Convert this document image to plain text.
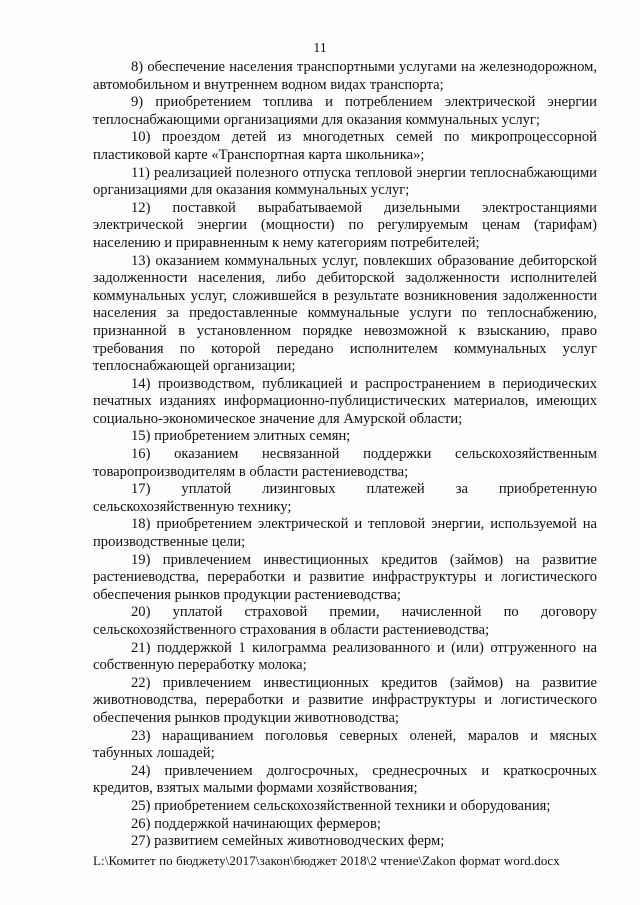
11

8) обеспечение населения транспортными услугами на железнодорожном, автомобильном и внутреннем водном видах транспорта;

9) приобретением топлива и потреблением электрической энергии теплоснабжающими организациями для оказания коммунальных услуг;

10) проездом детей из многодетных семей по микропроцессорной пластиковой карте «Транспортная карта школьника»;

11) реализацией полезного отпуска тепловой энергии теплоснабжающими организациями для оказания коммунальных услуг;

12) поставкой вырабатываемой дизельными электростанциями электрической энергии (мощности) по регулируемым ценам (тарифам) населению и приравненным к нему категориям потребителей;

13) оказанием коммунальных услуг, повлекших образование дебиторской задолженности населения, либо дебиторской задолженности исполнителей коммунальных услуг, сложившейся в результате возникновения задолженности населения за предоставленные коммунальные услуги по теплоснабжению, признанной в установленном порядке невозможной к взысканию, право требования по которой передано исполнителем коммунальных услуг теплоснабжающей организации;

14) производством, публикацией и распространением в периодических печатных изданиях информационно-публицистических материалов, имеющих социально-экономическое значение для Амурской области;

15) приобретением элитных семян;

16) оказанием несвязанной поддержки сельскохозяйственным товаропроизводителям в области растениеводства;

17) уплатой лизинговых платежей за приобретенную сельскохозяйственную технику;

18) приобретением электрической и тепловой энергии, используемой на производственные цели;

19) привлечением инвестиционных кредитов (займов) на развитие растениеводства, переработки и развитие инфраструктуры и логистического обеспечения рынков продукции растениеводства;

20) уплатой страховой премии, начисленной по договору сельскохозяйственного страхования в области растениеводства;

21) поддержкой 1 килограмма реализованного и (или) отгруженного на собственную переработку молока;

22) привлечением инвестиционных кредитов (займов) на развитие животноводства, переработки и развитие инфраструктуры и логистического обеспечения рынков продукции животноводства;

23) наращиванием поголовья северных оленей, маралов и мясных табунных лошадей;

24) привлечением долгосрочных, среднесрочных и краткосрочных кредитов, взятых малыми формами хозяйствования;

25) приобретением сельскохозяйственной техники и оборудования;

26) поддержкой начинающих фермеров;

27) развитием семейных животноводческих ферм;

L:\Комитет по бюджету\2017\закон\бюджет 2018\2 чтение\Zakon формат word.docx
